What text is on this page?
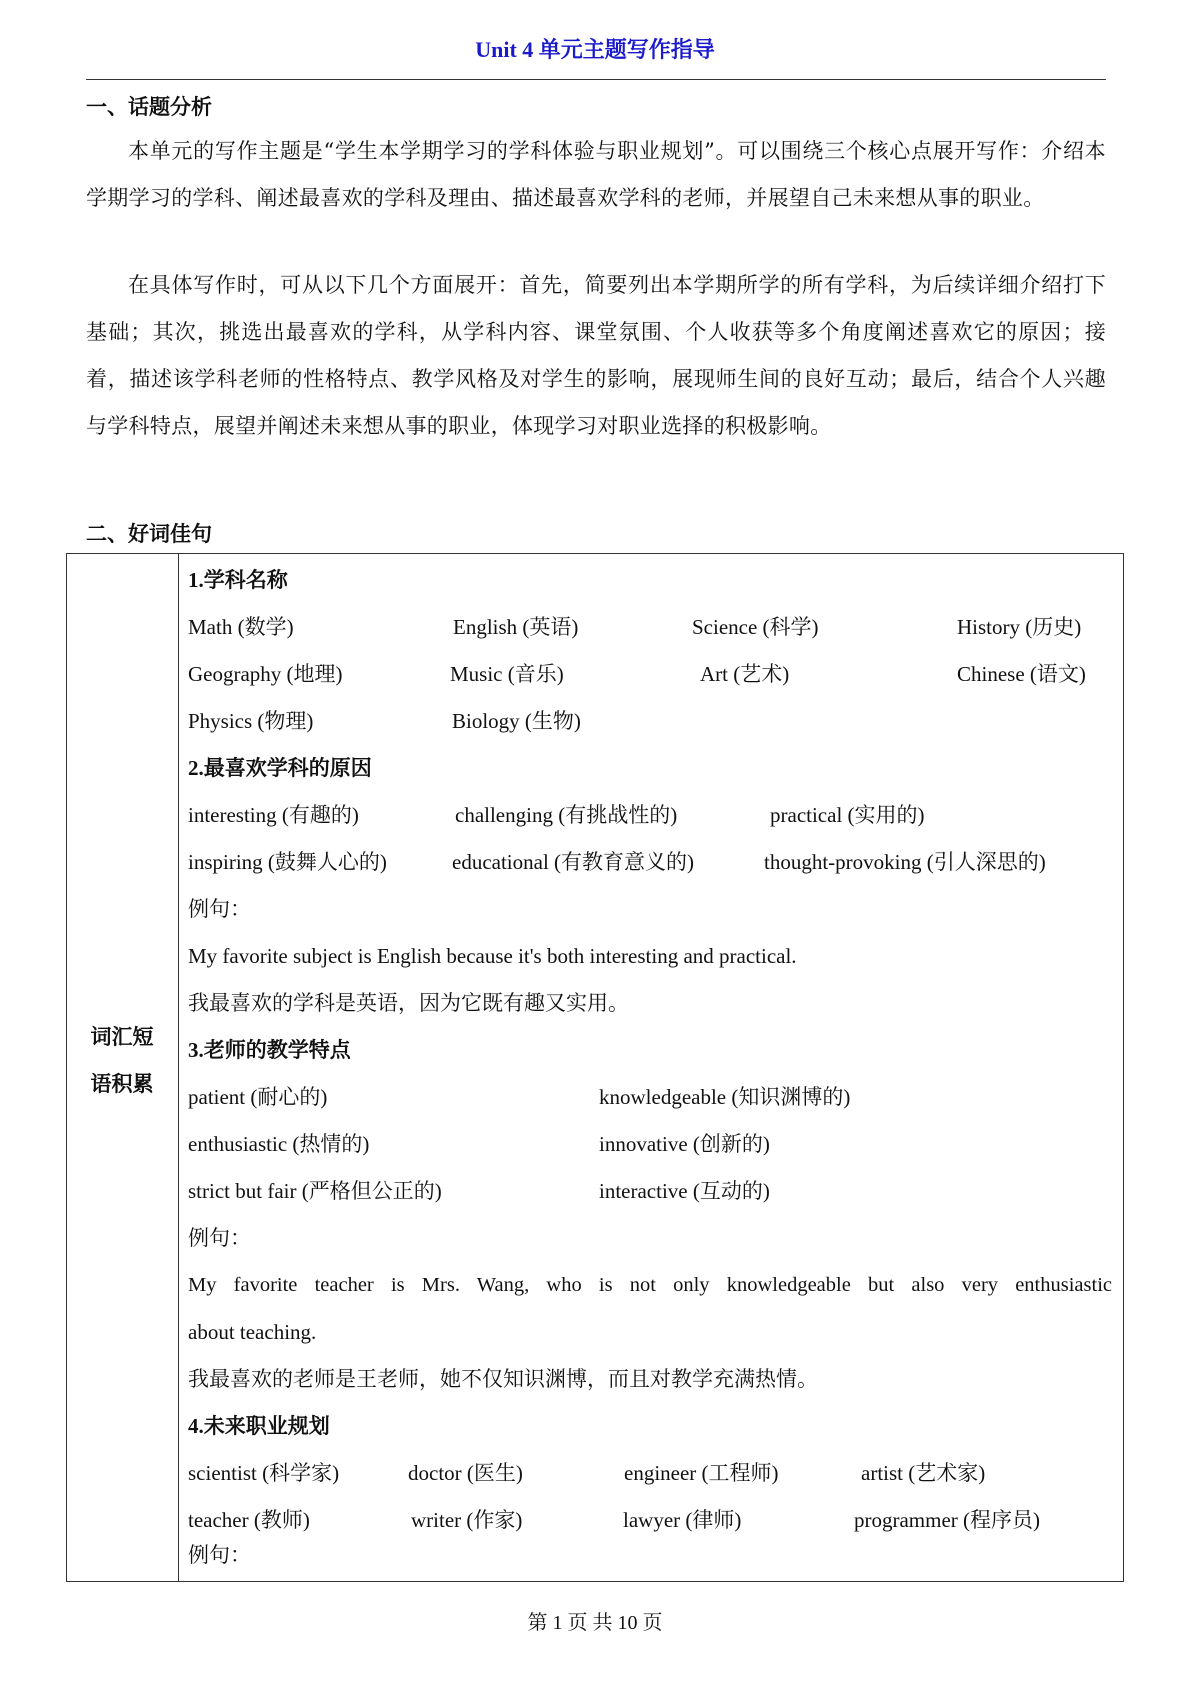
Unit 4 单元主题写作指导
一、话题分析

本单元的写作主题是“学生本学期学习的学科体验与职业规划”。可以围绕三个核心点展开写作：介绍本学期学习的学科、阐述最喜欢的学科及理由、描述最喜欢学科的老师，并展望自己未来想从事的职业。

在具体写作时，可从以下几个方面展开：首先，简要列出本学期所学的所有学科，为后续详细介绍打下基础；其次，挑选出最喜欢的学科，从学科内容、课堂氛围、个人收获等多个角度阐述喜欢它的原因；接着，描述该学科老师的性格特点、教学风格及对学生的影响，展现师生间的良好互动；最后，结合个人兴趣与学科特点，展望并阐述未来想从事的职业，体现学习对职业选择的积极影响。

二、好词佳句
词汇短
语积累
1.学科名称
Math (数学)	English (英语)	Science (科学)	History (历史)
Geography (地理)	Music (音乐)	Art (艺术)	Chinese (语文)
Physics (物理)	Biology (生物)
2.最喜欢学科的原因
interesting (有趣的)	challenging (有挑战性的)	practical (实用的)
inspiring (鼓舞人心的)	educational (有教育意义的)	thought-provoking (引人深思的)
例句：
My favorite subject is English because it's both interesting and practical.
我最喜欢的学科是英语，因为它既有趣又实用。
3.老师的教学特点
patient (耐心的)	knowledgeable (知识渊博的)
enthusiastic (热情的)	innovative (创新的)
strict but fair (严格但公正的)	interactive (互动的)
例句：
My favorite teacher is Mrs. Wang, who is not only knowledgeable but also very enthusiastic
about teaching.
我最喜欢的老师是王老师，她不仅知识渊博，而且对教学充满热情。
4.未来职业规划
scientist (科学家)	doctor (医生)	engineer (工程师)	artist (艺术家)
teacher (教师)	writer (作家)	lawyer (律师)	programmer (程序员)
例句：
第 1 页 共 10 页
